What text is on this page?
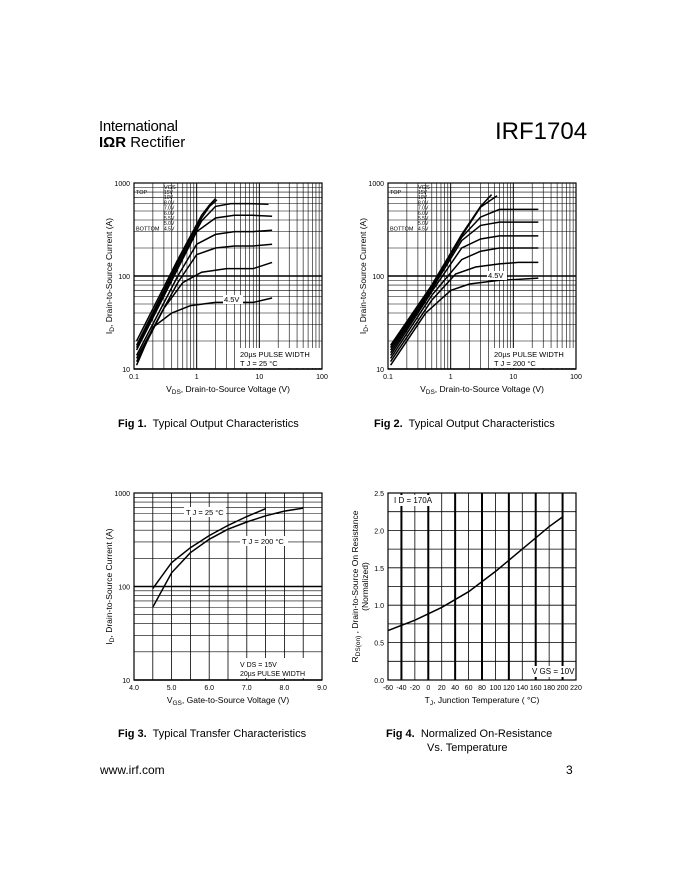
International
IΩR Rectifier	IRF1704
0.1	1	10	100
10
100
1000
$V_{DS}$, Drain-to-Source Voltage (V)
$I_D$, Drain-to-Source Current (A)
VGS
TOP	15V
10V
8.0V
7.0V
6.0V
5.5V
5.0V
4.5V
BOTTOM
4.5V
20µs PULSE WIDTH
T J = 25 °C
0.1	1	10	100
10
100
1000
$V_{DS}$, Drain-to-Source Voltage (V)
$I_D$, Drain-to-Source Current (A)
VGS
TOP	15V
10V
8.0V
7.0V
6.0V
5.5V
5.0V
4.5V
BOTTOM
4.5V
20µs PULSE WIDTH
T J = 200 °C
4.0	5.0	6.0	7.0	8.0	9.0
10
100
1000
$V_{GS}$, Gate-to-Source Voltage (V)
$I_D$, Drain-to-Source Current (A)
T J = 25 °C
T J = 200 °C
V DS = 15V
20µs PULSE WIDTH
-60 -40 -20 0 20 40 60 80 100 120 140 160 180 200 220
0.0
0.5
1.0
1.5
2.0
2.5
$T_J$, Junction Temperature ( °C)
$R_{DS(on)}$ , Drain-to-Source On Resistance (Normalized)
I D = 170A
V GS = 10V
Fig 1. Typical Output Characteristics	Fig 2. Typical Output Characteristics
Fig 3. Typical Transfer Characteristics	Fig 4. Normalized On-Resistance
Vs. Temperature
www.irf.com	3
